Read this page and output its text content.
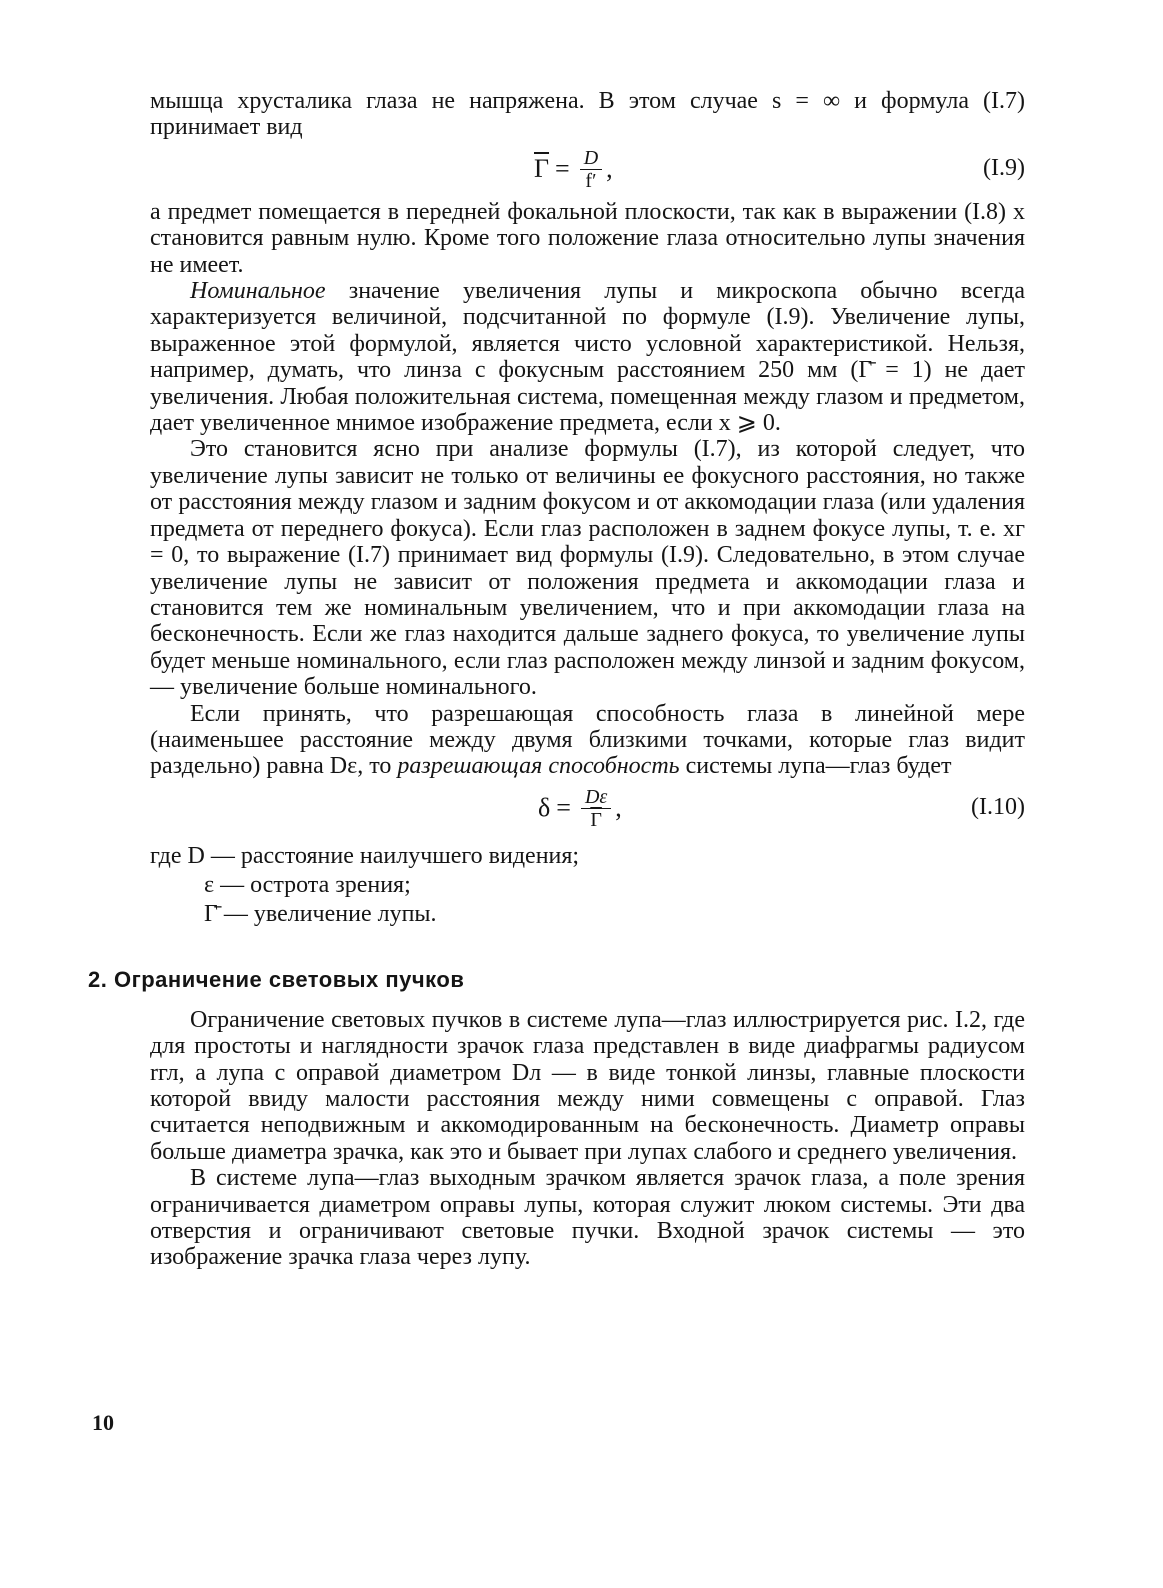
мышца хрусталика глаза не напряжена. В этом случае s = ∞ и формула (I.7) принимает вид

$\overline{\Gamma} = \frac{D}{f'}$ ,	(I.9)

а предмет помещается в передней фокальной плоскости, так как в выражении (I.8) x становится равным нулю. Кроме того положение глаза относительно лупы значения не имеет.

Номинальное значение увеличения лупы и микроскопа обычно всегда характеризуется величиной, подсчитанной по формуле (I.9). Увеличение лупы, выраженное этой формулой, является чисто условной характеристикой. Нельзя, например, думать, что линза с фокусным расстоянием 250 мм (Γ̄ = 1) не дает увеличения. Любая положительная система, помещенная между глазом и предметом, дает увеличенное мнимое изображение предмета, если x ⩾ 0.

Это становится ясно при анализе формулы (I.7), из которой следует, что увеличение лупы зависит не только от величины ее фокусного расстояния, но также от расстояния между глазом и задним фокусом и от аккомодации глаза (или удаления предмета от переднего фокуса). Если глаз расположен в заднем фокусе лупы, т. е. xг = 0, то выражение (I.7) принимает вид формулы (I.9). Следовательно, в этом случае увеличение лупы не зависит от положения предмета и аккомодации глаза и становится тем же номинальным увеличением, что и при аккомодации глаза на бесконечность. Если же глаз находится дальше заднего фокуса, то увеличение лупы будет меньше номинального, если глаз расположен между линзой и задним фокусом, — увеличение больше номинального.

Если принять, что разрешающая способность глаза в линейной мере (наименьшее расстояние между двумя близкими точками, которые глаз видит раздельно) равна Dε, то разрешающая способность системы лупа—глаз будет

$\delta = \frac{D\varepsilon}{\Gamma}$ ,	(I.10)
где D — расстояние наилучшего видения;
ε — острота зрения;
Γ̄ — увеличение лупы.
2. Ограничение световых пучков

Ограничение световых пучков в системе лупа—глаз иллюстрируется рис. I.2, где для простоты и наглядности зрачок глаза представлен в виде диафрагмы радиусом rгл, а лупа с оправой диаметром Dл — в виде тонкой линзы, главные плоскости которой ввиду малости расстояния между ними совмещены с оправой. Глаз считается неподвижным и аккомодированным на бесконечность. Диаметр оправы больше диаметра зрачка, как это и бывает при лупах слабого и среднего увеличения.

В системе лупа—глаз выходным зрачком является зрачок глаза, а поле зрения ограничивается диаметром оправы лупы, которая служит люком системы. Эти два отверстия и ограничивают световые пучки. Входной зрачок системы — это изображение зрачка глаза через лупу.

10
